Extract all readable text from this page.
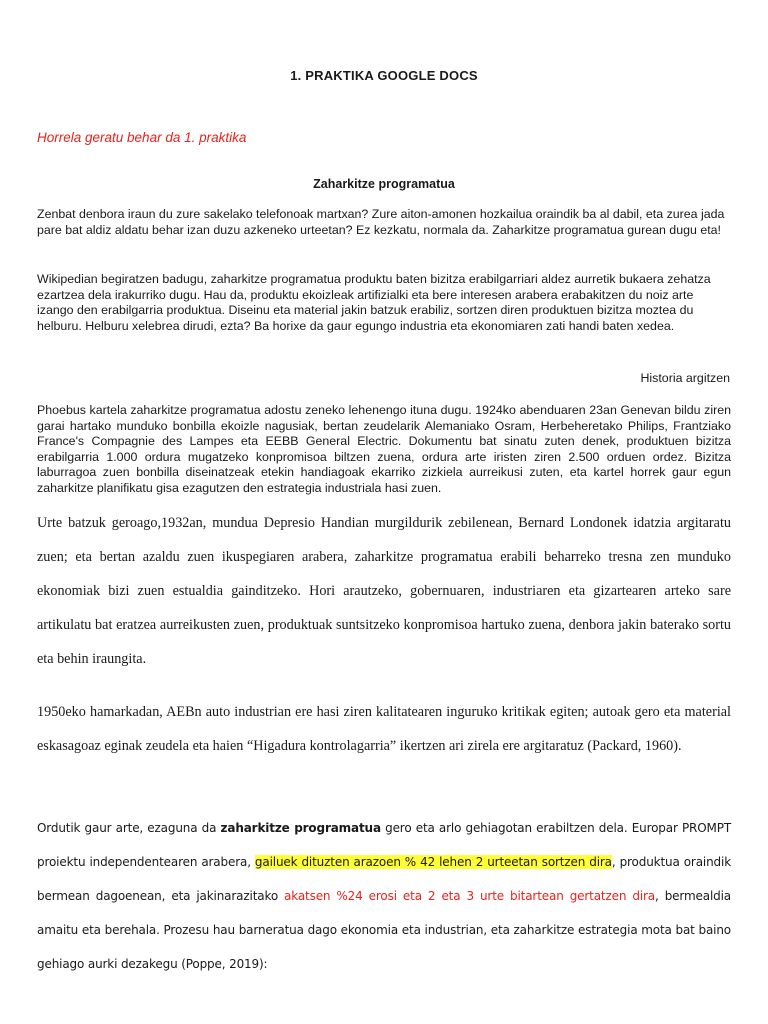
1. PRAKTIKA GOOGLE DOCS
Horrela geratu behar da 1. praktika
Zaharkitze programatua
Zenbat denbora iraun du zure sakelako telefonoak martxan? Zure aiton-amonen hozkailua oraindik ba al dabil, eta zurea jada pare bat aldiz aldatu behar izan duzu azkeneko urteetan? Ez kezkatu, normala da. Zaharkitze programatua gurean dugu eta!
Wikipedian begiratzen badugu, zaharkitze programatua produktu baten bizitza erabilgarriari aldez aurretik bukaera zehatza ezartzea dela irakurriko dugu. Hau da, produktu ekoizleak artifizialki eta bere interesen arabera erabakitzen du noiz arte izango den erabilgarria produktua. Diseinu eta material jakin batzuk erabiliz, sortzen diren produktuen bizitza moztea du helburu. Helburu xelebrea dirudi, ezta? Ba horixe da gaur egungo industria eta ekonomiaren zati handi baten xedea.
Historia argitzen
Phoebus kartela zaharkitze programatua adostu zeneko lehenengo ituna dugu. 1924ko abenduaren 23an Genevan bildu ziren garai hartako munduko bonbilla ekoizle nagusiak, bertan zeudelarik Alemaniako Osram, Herbeheretako Philips, Frantziako France's Compagnie des Lampes eta EEBB General Electric. Dokumentu bat sinatu zuten denek, produktuen bizitza erabilgarria 1.000 ordura mugatzeko konpromisoa biltzen zuena, ordura arte iristen ziren 2.500 orduen ordez. Bizitza laburragoa zuen bonbilla diseinatzeak etekin handiagoak ekarriko zizkiela aurreikusi zuten, eta kartel horrek gaur egun zaharkitze planifikatu gisa ezagutzen den estrategia industriala hasi zuen.
Urte batzuk geroago,1932an, mundua Depresio Handian murgildurik zebilenean, Bernard Londonek idatzia argitaratu zuen; eta bertan azaldu zuen ikuspegiaren arabera, zaharkitze programatua erabili beharreko tresna zen munduko ekonomiak bizi zuen estualdia gainditzeko. Hori arautzeko, gobernuaren, industriaren eta gizartearen arteko sare artikulatu bat eratzea aurreikusten zuen, produktuak suntsitzeko konpromisoa hartuko zuena, denbora jakin baterako sortu eta behin iraungita.
1950eko hamarkadan, AEBn auto industrian ere hasi ziren kalitatearen inguruko kritikak egiten; autoak gero eta material eskasagoaz eginak zeudela eta haien “Higadura kontrolagarria” ikertzen ari zirela ere argitaratuz (Packard, 1960).
Ordutik gaur arte, ezaguna da zaharkitze programatua gero eta arlo gehiagotan erabiltzen dela. Europar PROMPT proiektu independentearen arabera, gailuek dituzten arazoen % 42 lehen 2 urteetan sortzen dira, produktua oraindik bermean dagoenean, eta jakinarazitako akatsen %24 erosi eta 2 eta 3 urte bitartean gertatzen dira, bermealdia amaitu eta berehala. Prozesu hau barneratua dago ekonomia eta industrian, eta zaharkitze estrategia mota bat baino gehiago aurki dezakegu (Poppe, 2019):
